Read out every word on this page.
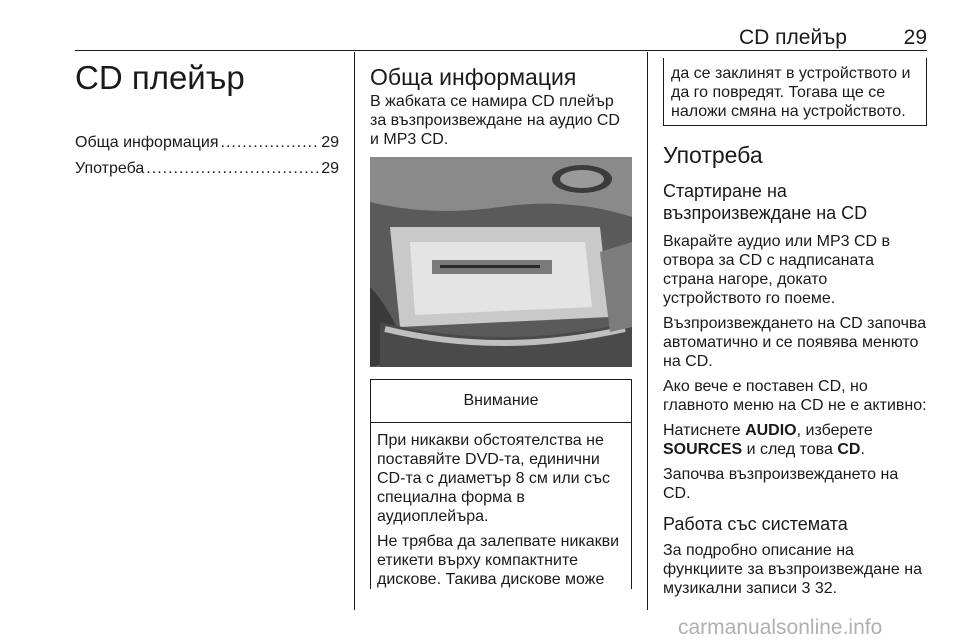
CD плейър	29
CD плейър
Обща информация .....	29
Употреба .....	29
Обща информация

В жабката се намира CD плейър за възпроизвеждане на аудио CD и MP3 CD.

Внимание

При никакви обстоятелства не поставяйте DVD-та, единични CD-та с диаметър 8 см или със специална форма в аудиоплейъра.

Не трябва да залепвате никакви етикети върху компактните дискове. Такива дискове може

да се заклинят в устройството и да го повредят. Тогава ще се наложи смяна на устройството.

Употреба
Стартиране на възпроизвеждане на CD

Вкарайте аудио или MP3 CD в отвора за CD с надписаната страна нагоре, докато устройството го поеме.

Възпроизвеждането на CD започва автоматично и се появява менюто на CD.

Ако вече е поставен CD, но главното меню на CD не е активно:

Натиснете AUDIO, изберете SOURCES и след това CD.

Започва възпроизвеждането на CD.

Работа със системата

За подробно описание на функциите за възпроизвеждане на музикални записи 3 32.

carmanualsonline.info
